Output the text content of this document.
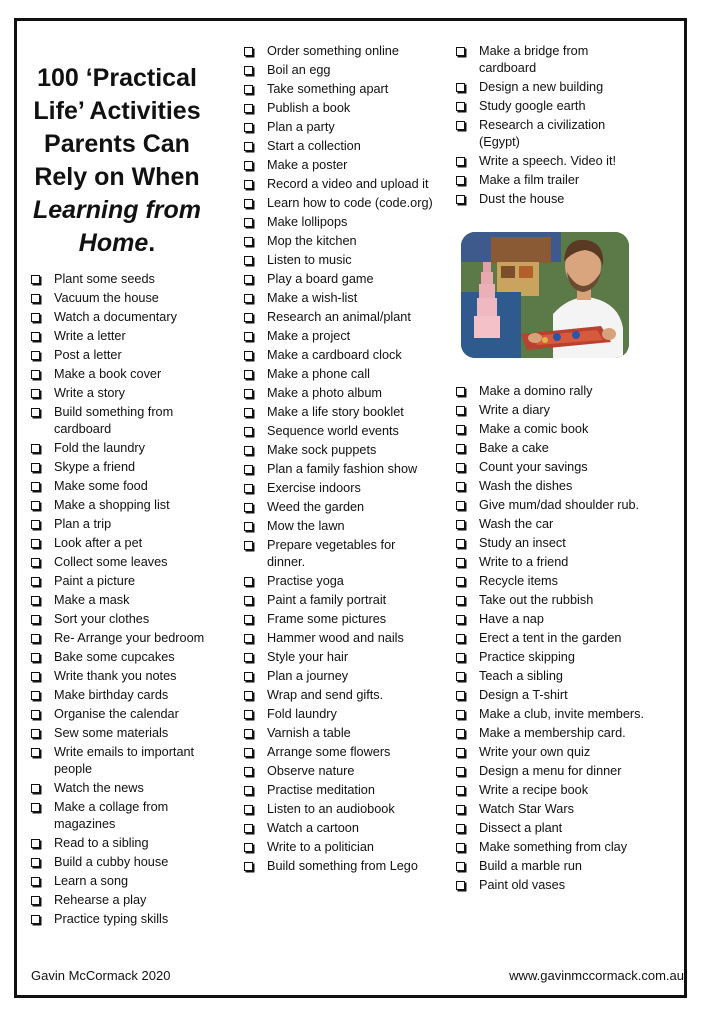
100 ‘Practical
Life’ Activities
Parents Can
Rely on When
Learning from
Home.
Plant some seeds
Vacuum the house
Watch a documentary
Write a letter
Post a letter
Make a book cover
Write a story
Build something from cardboard
Fold the laundry
Skype a friend
Make some food
Make a shopping list
Plan a trip
Look after a pet
Collect some leaves
Paint a picture
Make a mask
Sort your clothes
Re- Arrange your bedroom
Bake some cupcakes
Write thank you notes
Make birthday cards
Organise the calendar
Sew some materials
Write emails to important people
Watch the news
Make a collage from magazines
Read to a sibling
Build a cubby house
Learn a song
Rehearse a play
Practice typing skills
Order something online
Boil an egg
Take something apart
Publish a book
Plan a party
Start a collection
Make a poster
Record a video and upload it
Learn how to code (code.org)
Make lollipops
Mop the kitchen
Listen to music
Play a board game
Make a wish-list
Research an animal/plant
Make a project
Make a cardboard clock
Make a phone call
Make a photo album
Make a life story booklet
Sequence world events
Make sock puppets
Plan a family fashion show
Exercise indoors
Weed the garden
Mow the lawn
Prepare vegetables for dinner.
Practise yoga
Paint a family portrait
Frame some pictures
Hammer wood and nails
Style your hair
Plan a journey
Wrap and send gifts.
Fold laundry
Varnish a table
Arrange some flowers
Observe nature
Practise meditation
Listen to an audiobook
Watch a cartoon
Write to a politician
Build something from Lego
Make a bridge from cardboard
Design a new building
Study google earth
Research a civilization (Egypt)
Write a speech. Video it!
Make a film trailer
Dust the house
Make a domino rally
Write a diary
Make a comic book
Bake a cake
Count your savings
Wash the dishes
Give mum/dad shoulder rub.
Wash the car
Study an insect
Write to a friend
Recycle items
Take out the rubbish
Have a nap
Erect a tent in the garden
Practice skipping
Teach a sibling
Design a T-shirt
Make a club, invite members.
Make a membership card.
Write your own quiz
Design a menu for dinner
Write a recipe book
Watch Star Wars
Dissect a plant
Make something from clay
Build a marble run
Paint old vases
Gavin McCormack 2020	www.gavinmccormack.com.au
